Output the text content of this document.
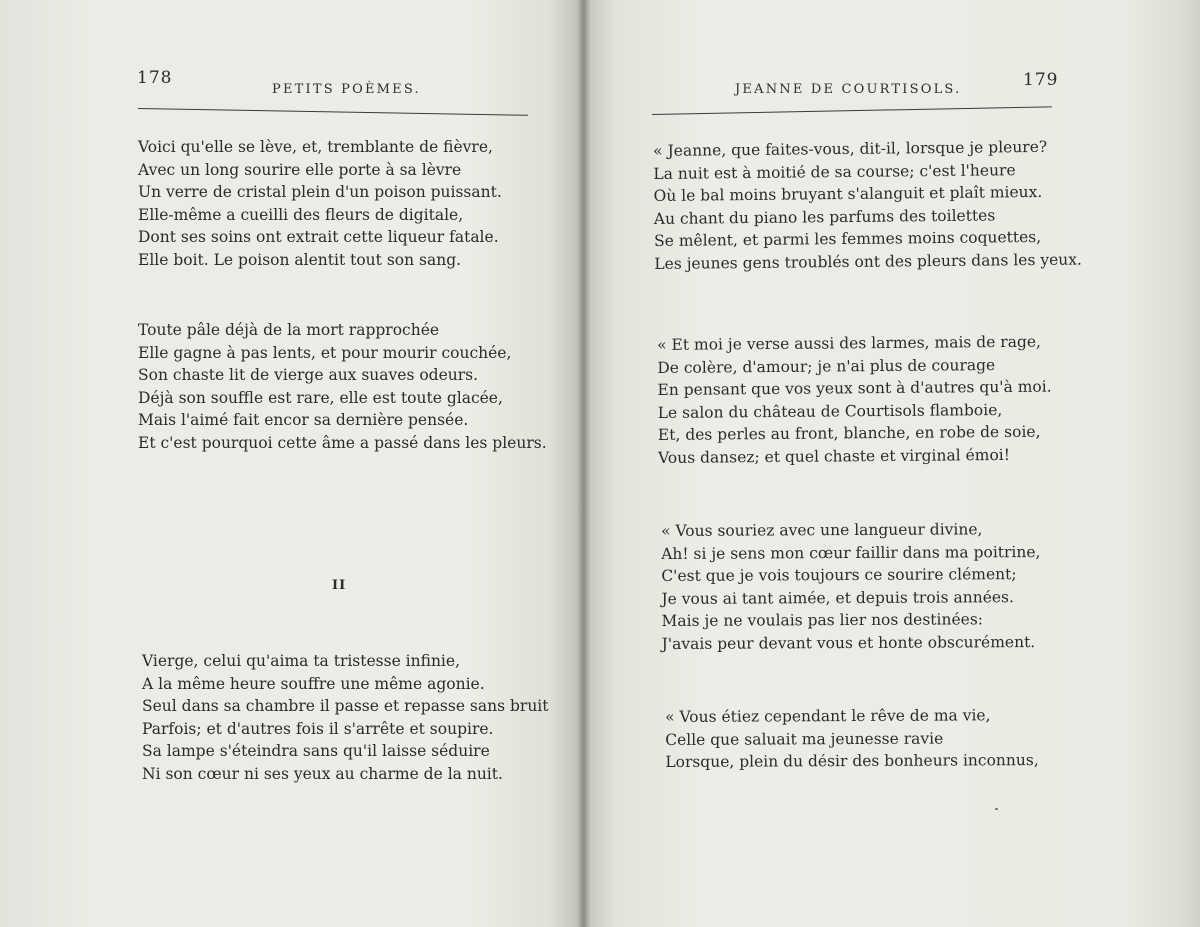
178
PETITS POÈMES.
Voici qu'elle se lève, et, tremblante de fièvre,
Avec un long sourire elle porte à sa lèvre
Un verre de cristal plein d'un poison puissant.
Elle-même a cueilli des fleurs de digitale,
Dont ses soins ont extrait cette liqueur fatale.
Elle boit. Le poison alentit tout son sang.
Toute pâle déjà de la mort rapprochée
Elle gagne à pas lents, et pour mourir couchée,
Son chaste lit de vierge aux suaves odeurs.
Déjà son souffle est rare, elle est toute glacée,
Mais l'aimé fait encor sa dernière pensée.
Et c'est pourquoi cette âme a passé dans les pleurs.
II
Vierge, celui qu'aima ta tristesse infinie,
A la même heure souffre une même agonie.
Seul dans sa chambre il passe et repasse sans bruit
Parfois; et d'autres fois il s'arrête et soupire.
Sa lampe s'éteindra sans qu'il laisse séduire
Ni son cœur ni ses yeux au charme de la nuit.
JEANNE DE COURTISOLS.	179
« Jeanne, que faites-vous, dit-il, lorsque je pleure?
La nuit est à moitié de sa course; c'est l'heure
Où le bal moins bruyant s'alanguit et plaît mieux.
Au chant du piano les parfums des toilettes
Se mêlent, et parmi les femmes moins coquettes,
Les jeunes gens troublés ont des pleurs dans les yeux.
« Et moi je verse aussi des larmes, mais de rage,
De colère, d'amour; je n'ai plus de courage
En pensant que vos yeux sont à d'autres qu'à moi.
Le salon du château de Courtisols flamboie,
Et, des perles au front, blanche, en robe de soie,
Vous dansez; et quel chaste et virginal émoi!
« Vous souriez avec une langueur divine,
Ah! si je sens mon cœur faillir dans ma poitrine,
C'est que je vois toujours ce sourire clément;
Je vous ai tant aimée, et depuis trois années.
Mais je ne voulais pas lier nos destinées:
J'avais peur devant vous et honte obscurément.
« Vous étiez cependant le rêve de ma vie,
Celle que saluait ma jeunesse ravie
Lorsque, plein du désir des bonheurs inconnus,
